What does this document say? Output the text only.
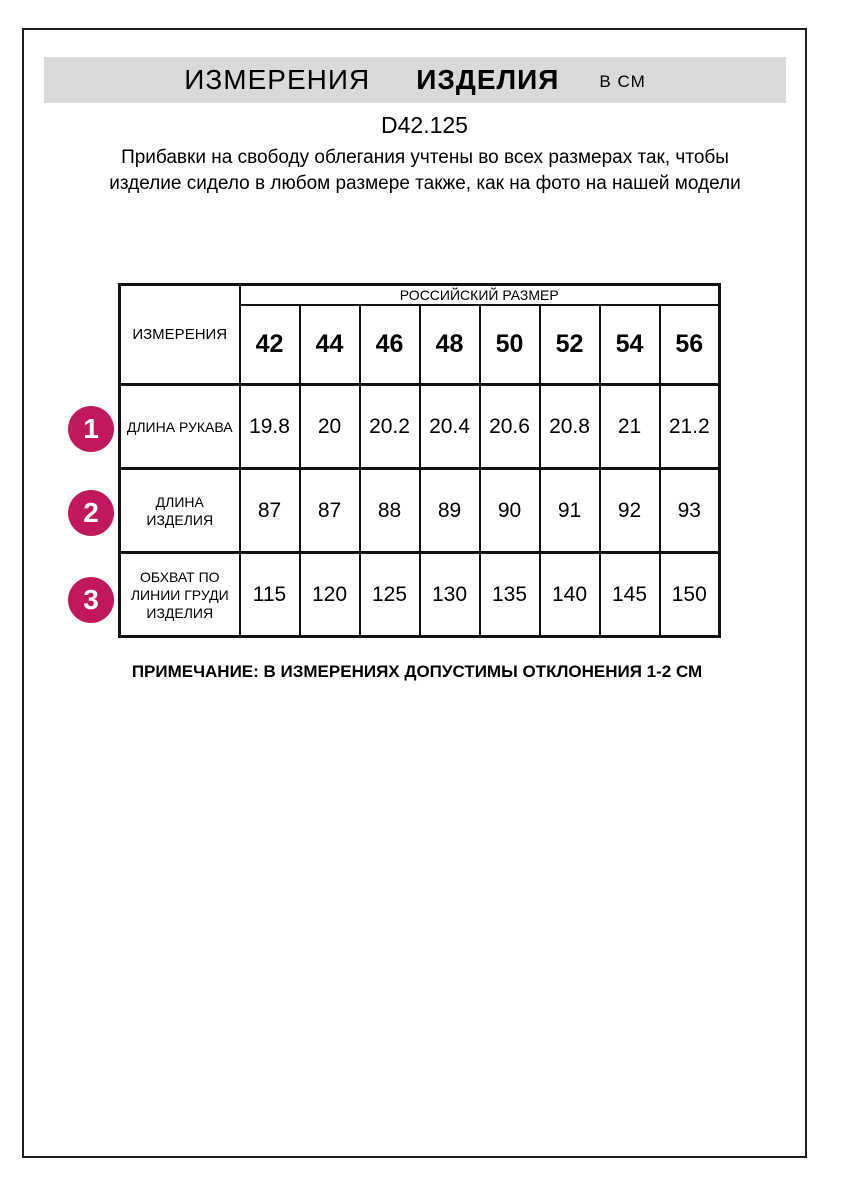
ИЗМЕРЕНИЯ ИЗДЕЛИЯ В СМ
D42.125
Прибавки на свободу облегания учтены во всех размерах так, чтобы изделие сидело в любом размере также, как на фото на нашей модели
ИЗМЕРЕНИЯ	РОССИЙСКИЙ РАЗМЕР							
	42	44	46	48	50	52	54	56
ДЛИНА РУКАВА	19.8	20	20.2	20.4	20.6	20.8	21	21.2
ДЛИНА ИЗДЕЛИЯ	87	87	88	89	90	91	92	93
ОБХВАТ ПО ЛИНИИ ГРУДИ ИЗДЕЛИЯ	115	120	125	130	135	140	145	150
1
2
3
ПРИМЕЧАНИЕ: В ИЗМЕРЕНИЯХ ДОПУСТИМЫ ОТКЛОНЕНИЯ 1-2 СМ
